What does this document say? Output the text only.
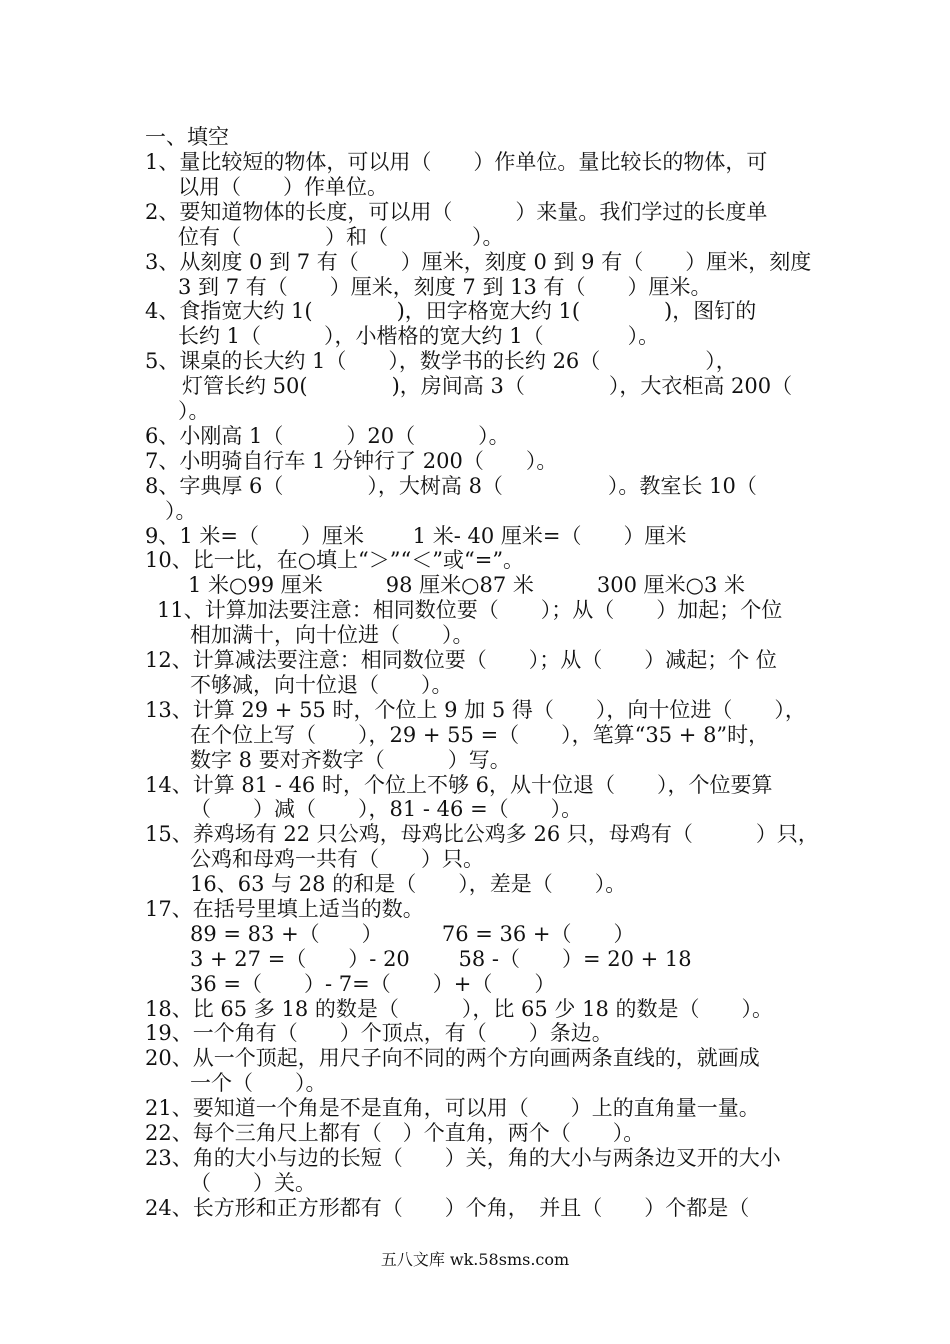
一、填空
1、量比较短的物体，可以用（　　）作单位。量比较长的物体，可
以用（　　）作单位。
2、要知道物体的长度，可以用（　　　）来量。我们学过的长度单
位有（　　　　）和（　　　　）。
3、从刻度 0 到 7 有（　　）厘米，刻度 0 到 9 有（　　）厘米，刻度
3 到 7 有（　　）厘米，刻度 7 到 13 有（　　）厘米。
4、食指宽大约 1(　　　　)，田字格宽大约 1(　　　　)，图钉的
长约 1（　　　），小楷格的宽大约 1（　　　　）。
5、课桌的长大约 1（　　），数学书的长约 26（　　　　　），
灯管长约 50(　　　　)，房间高 3（　　　　），大衣柜高 200（
）。
6、小刚高 1（　　　）20（　　　）。
7、小明骑自行车 1 分钟行了 200（　　）。
8、字典厚 6（　　　　），大树高 8（　　　　　）。教室长 10（
）。
9、1 米=（　　）厘米　　 1 米- 40 厘米=（　　）厘米
10、比一比，在○填上“＞”“＜”或“=”。
1 米○99 厘米　　　98 厘米○87 米　　　300 厘米○3 米
11、计算加法要注意：相同数位要（　　）；从（　　）加起；个位
相加满十，向十位进（　　）。
12、计算减法要注意：相同数位要（　　）；从（　　）减起；个 位
不够减，向十位退（　　）。
13、计算 29 + 55 时，个位上 9 加 5 得（　　），向十位进（　　），
在个位上写（　　），29 + 55 =（　　），笔算“35 + 8”时，
数字 8 要对齐数字（　　　）写。
14、计算 81 - 46 时，个位上不够 6，从十位退（　　），个位要算
（　　）减（　　），81 - 46 =（　　）。
15、养鸡场有 22 只公鸡，母鸡比公鸡多 26 只，母鸡有（　　　）只，
公鸡和母鸡一共有（　　）只。
16、63 与 28 的和是（　　），差是（　　）。
17、在括号里填上适当的数。
89 = 83 +（　　）　　　 76 = 36 +（　　）
3 + 27 =（　　）- 20　　 58 -（　　）= 20 + 18
36 =（　　）- 7=（　　）+（　　）
18、比 65 多 18 的数是（　　　），比 65 少 18 的数是（　　）。
19、一个角有（　　）个顶点，有（　　）条边。
20、从一个顶起，用尺子向不同的两个方向画两条直线的，就画成
一个（　　）。
21、要知道一个角是不是直角，可以用（　　）上的直角量一量。
22、每个三角尺上都有（　）个直角，两个（　　）。
23、角的大小与边的长短（　　）关，角的大小与两条边叉开的大小
（　　）关。
24、长方形和正方形都有（　　）个角，　并且（　　）个都是（
五八文库 wk.58sms.com
